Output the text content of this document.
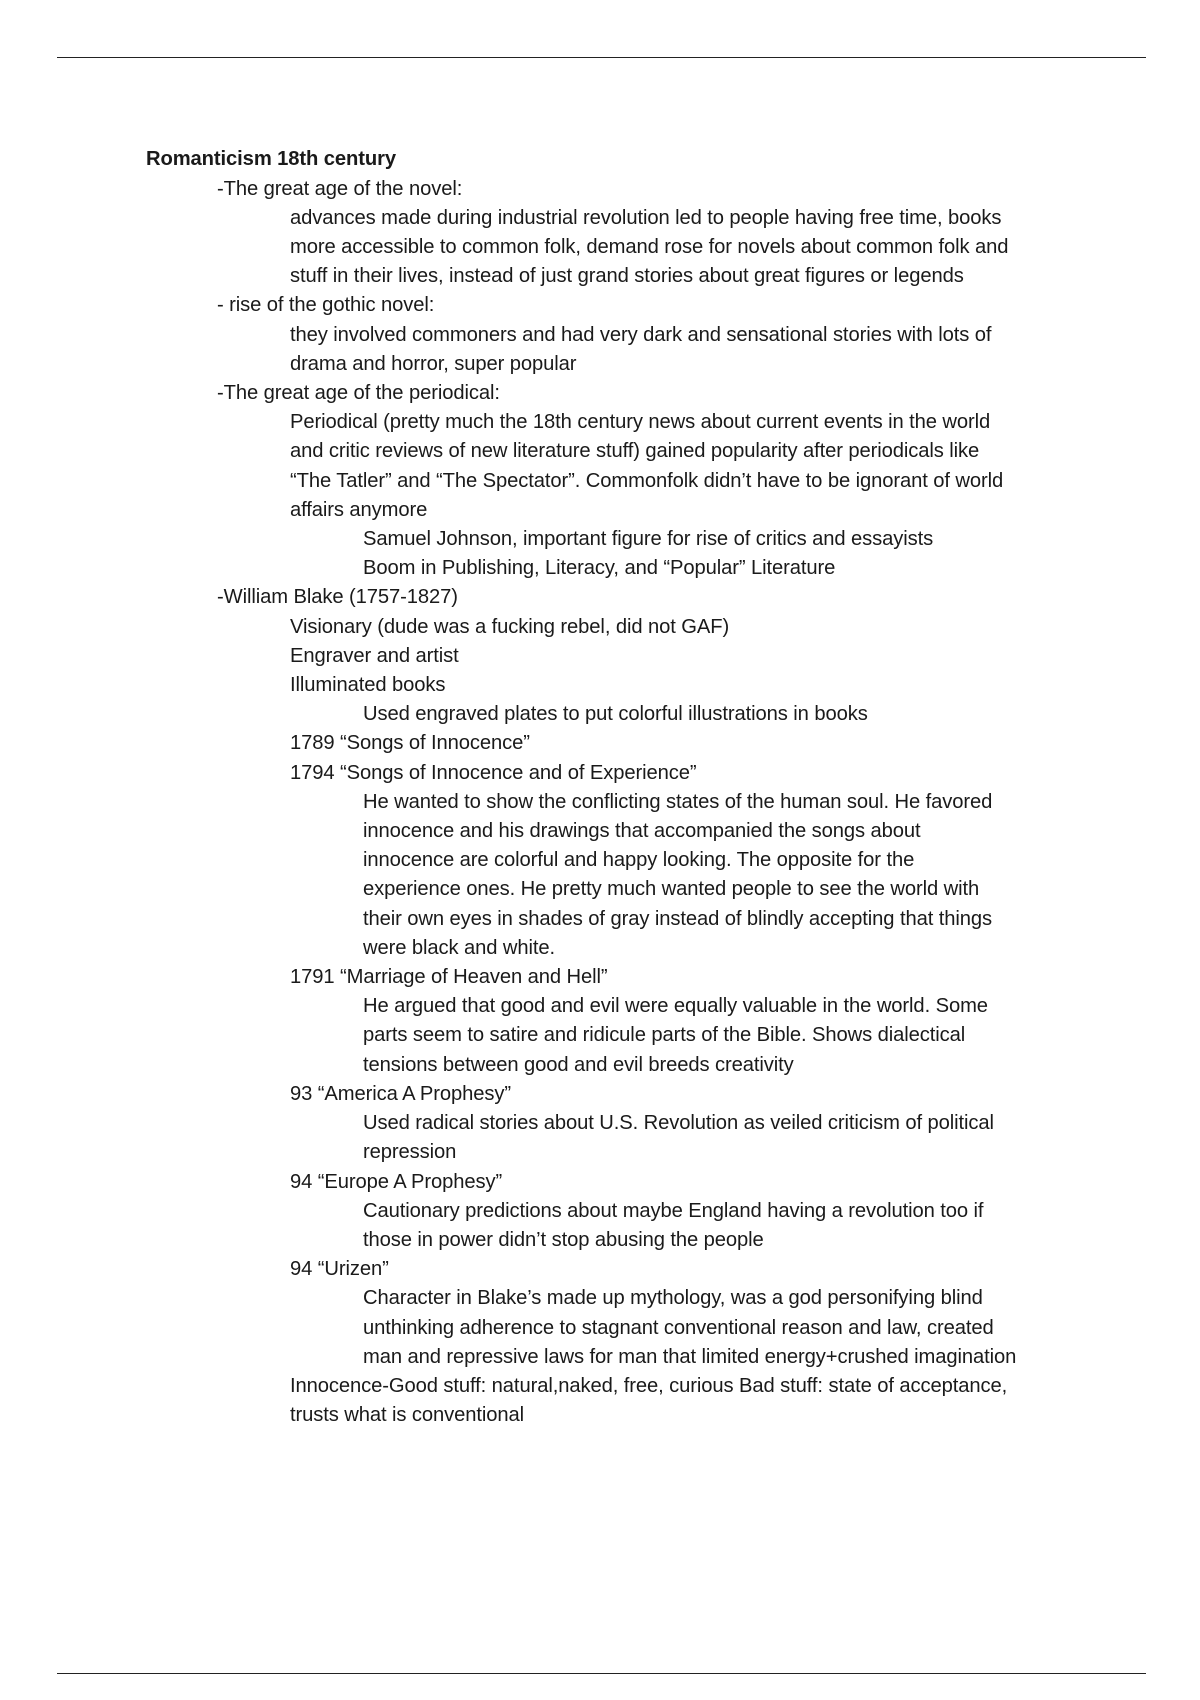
Romanticism 18th century
-The great age of the novel:
advances made during industrial revolution led to people having free time, books
more accessible to common folk, demand rose for novels about common folk and
stuff in their lives, instead of just grand stories about great figures or legends
- rise of the gothic novel:
they involved commoners and had very dark and sensational stories with lots of
drama and horror, super popular
-The great age of the periodical:
Periodical (pretty much the 18th century news about current events in the world
and critic reviews of new literature stuff) gained popularity after periodicals like
“The Tatler” and “The Spectator”. Commonfolk didn’t have to be ignorant of world
affairs anymore
Samuel Johnson, important figure for rise of critics and essayists
Boom in Publishing, Literacy, and “Popular” Literature
-William Blake (1757-1827)
Visionary (dude was a fucking rebel, did not GAF)
Engraver and artist
Illuminated books
Used engraved plates to put colorful illustrations in books
1789 “Songs of Innocence”
1794 “Songs of Innocence and of Experience”
He wanted to show the conflicting states of the human soul. He favored
innocence and his drawings that accompanied the songs about
innocence are colorful and happy looking. The opposite for the
experience ones. He pretty much wanted people to see the world with
their own eyes in shades of gray instead of blindly accepting that things
were black and white.
1791 “Marriage of Heaven and Hell”
He argued that good and evil were equally valuable in the world. Some
parts seem to satire and ridicule parts of the Bible. Shows dialectical
tensions between good and evil breeds creativity
93 “America A Prophesy”
Used radical stories about U.S. Revolution as veiled criticism of political
repression
94 “Europe A Prophesy”
Cautionary predictions about maybe England having a revolution too if
those in power didn’t stop abusing the people
94 “Urizen”
Character in Blake’s made up mythology, was a god personifying blind
unthinking adherence to stagnant conventional reason and law, created
man and repressive laws for man that limited energy+crushed imagination
Innocence-Good stuff: natural,naked, free, curious Bad stuff: state of acceptance,
trusts what is conventional
